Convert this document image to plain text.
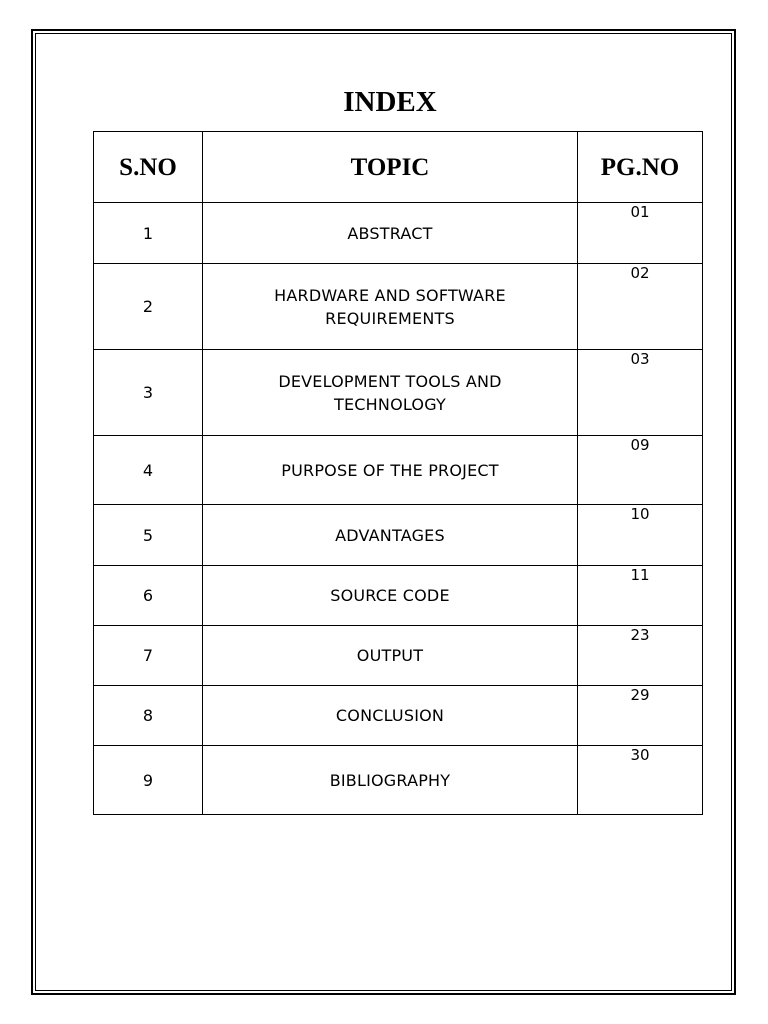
INDEX
S.NO	TOPIC	PG.NO
1	ABSTRACT	01
2	HARDWARE AND SOFTWARE
REQUIREMENTS	02
3	DEVELOPMENT TOOLS AND
TECHNOLOGY	03
4	PURPOSE OF THE PROJECT	09
5	ADVANTAGES	10
6	SOURCE CODE	11
7	OUTPUT	23
8	CONCLUSION	29
9	BIBLIOGRAPHY	30
